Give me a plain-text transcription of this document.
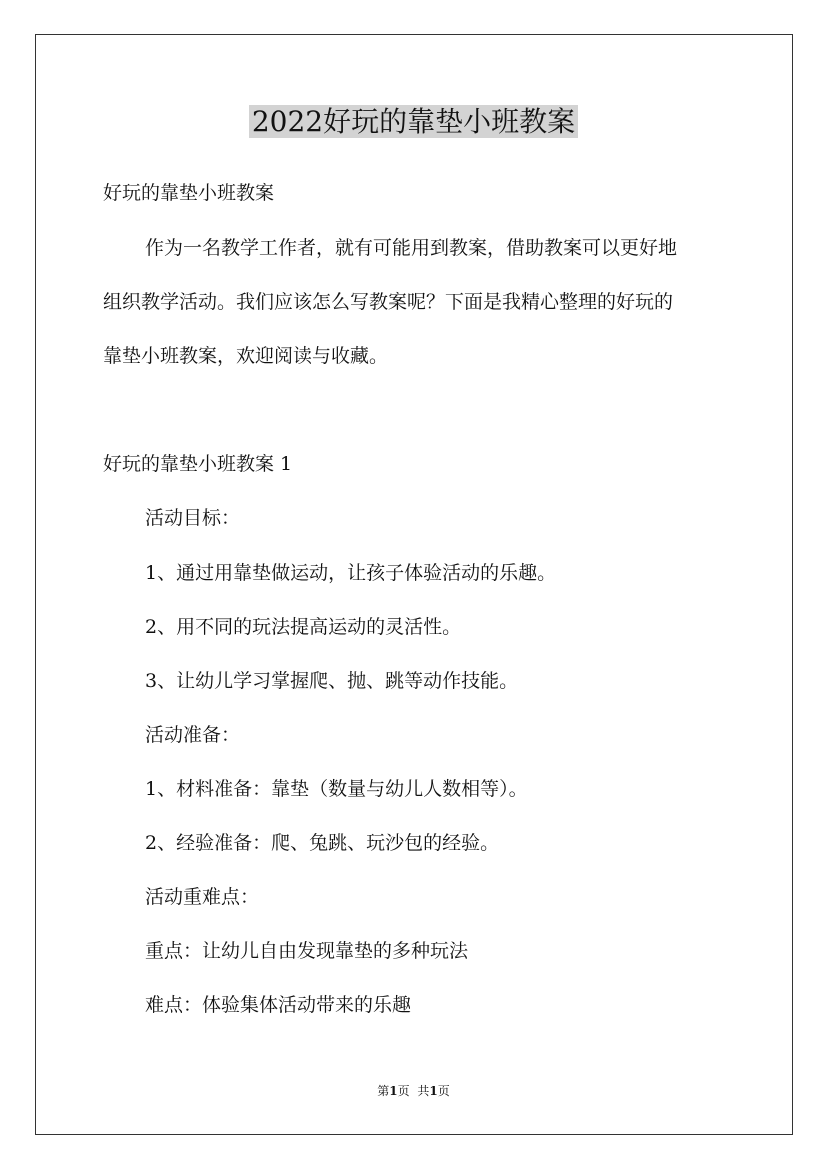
2022好玩的靠垫小班教案
好玩的靠垫小班教案
作为一名教学工作者，就有可能用到教案，借助教案可以更好地
组织教学活动。我们应该怎么写教案呢？下面是我精心整理的好玩的
靠垫小班教案，欢迎阅读与收藏。
好玩的靠垫小班教案 1
活动目标：
1、通过用靠垫做运动，让孩子体验活动的乐趣。
2、用不同的玩法提高运动的灵活性。
3、让幼儿学习掌握爬、抛、跳等动作技能。
活动准备：
1、材料准备：靠垫（数量与幼儿人数相等）。
2、经验准备：爬、兔跳、玩沙包的经验。
活动重难点：
重点：让幼儿自由发现靠垫的多种玩法
难点：体验集体活动带来的乐趣
第1页 共1页
